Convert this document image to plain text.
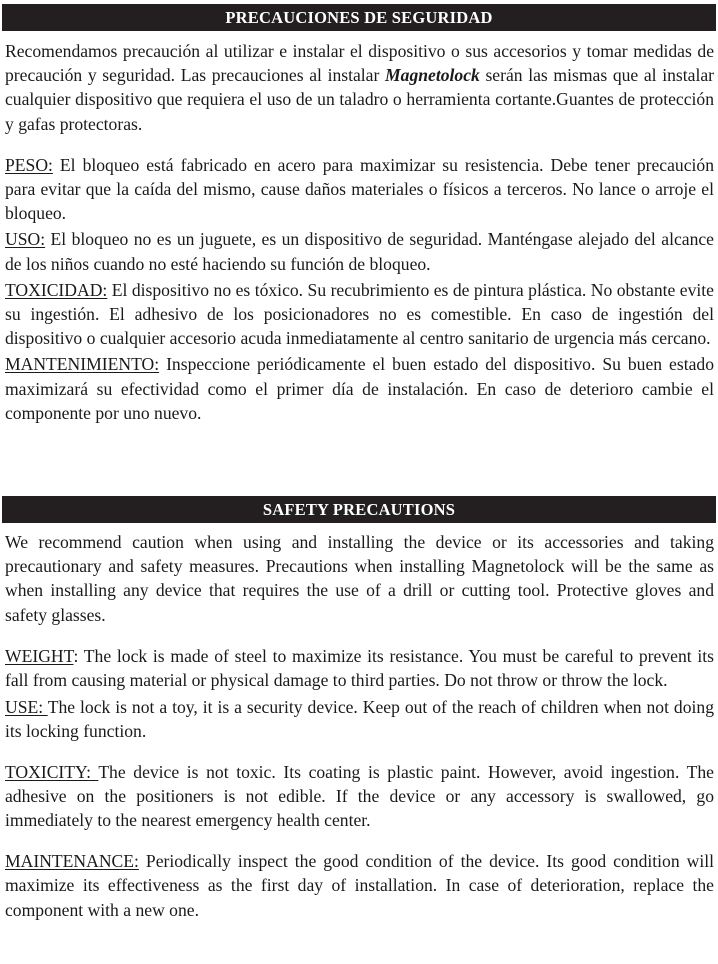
PRECAUCIONES DE SEGURIDAD

Recomendamos precaución al utilizar e instalar el dispositivo o sus accesorios y tomar medidas de precaución y seguridad. Las precauciones al instalar Magnetolock serán las mismas que al instalar cualquier dispositivo que requiera el uso de un taladro o herramienta cortante.Guantes de protección y gafas protectoras.

PESO: El bloqueo está fabricado en acero para maximizar su resistencia. Debe tener precaución para evitar que la caída del mismo, cause daños materiales o físicos a terceros. No lance o arroje el bloqueo.

USO: El bloqueo no es un juguete, es un dispositivo de seguridad. Manténgase alejado del alcance de los niños cuando no esté haciendo su función de bloqueo.

TOXICIDAD: El dispositivo no es tóxico. Su recubrimiento es de pintura plástica. No obstante evite su ingestión. El adhesivo de los posicionadores no es comestible. En caso de ingestión del dispositivo o cualquier accesorio acuda inmediatamente al centro sanitario de urgencia más cercano.

MANTENIMIENTO: Inspeccione periódicamente el buen estado del dispositivo. Su buen estado maximizará su efectividad como el primer día de instalación. En caso de deterioro cambie el componente por uno nuevo.

SAFETY PRECAUTIONS

We recommend caution when using and installing the device or its accessories and taking precautionary and safety measures. Precautions when installing Magnetolock will be the same as when installing any device that requires the use of a drill or cutting tool. Protective gloves and safety glasses.

WEIGHT: The lock is made of steel to maximize its resistance. You must be careful to prevent its fall from causing material or physical damage to third parties. Do not throw or throw the lock.

USE: The lock is not a toy, it is a security device. Keep out of the reach of children when not doing its locking function.

TOXICITY: The device is not toxic. Its coating is plastic paint. However, avoid ingestion. The adhesive on the positioners is not edible. If the device or any accessory is swallowed, go immediately to the nearest emergency health center.

MAINTENANCE: Periodically inspect the good condition of the device. Its good condition will maximize its effectiveness as the first day of installation. In case of deterioration, replace the component with a new one.
